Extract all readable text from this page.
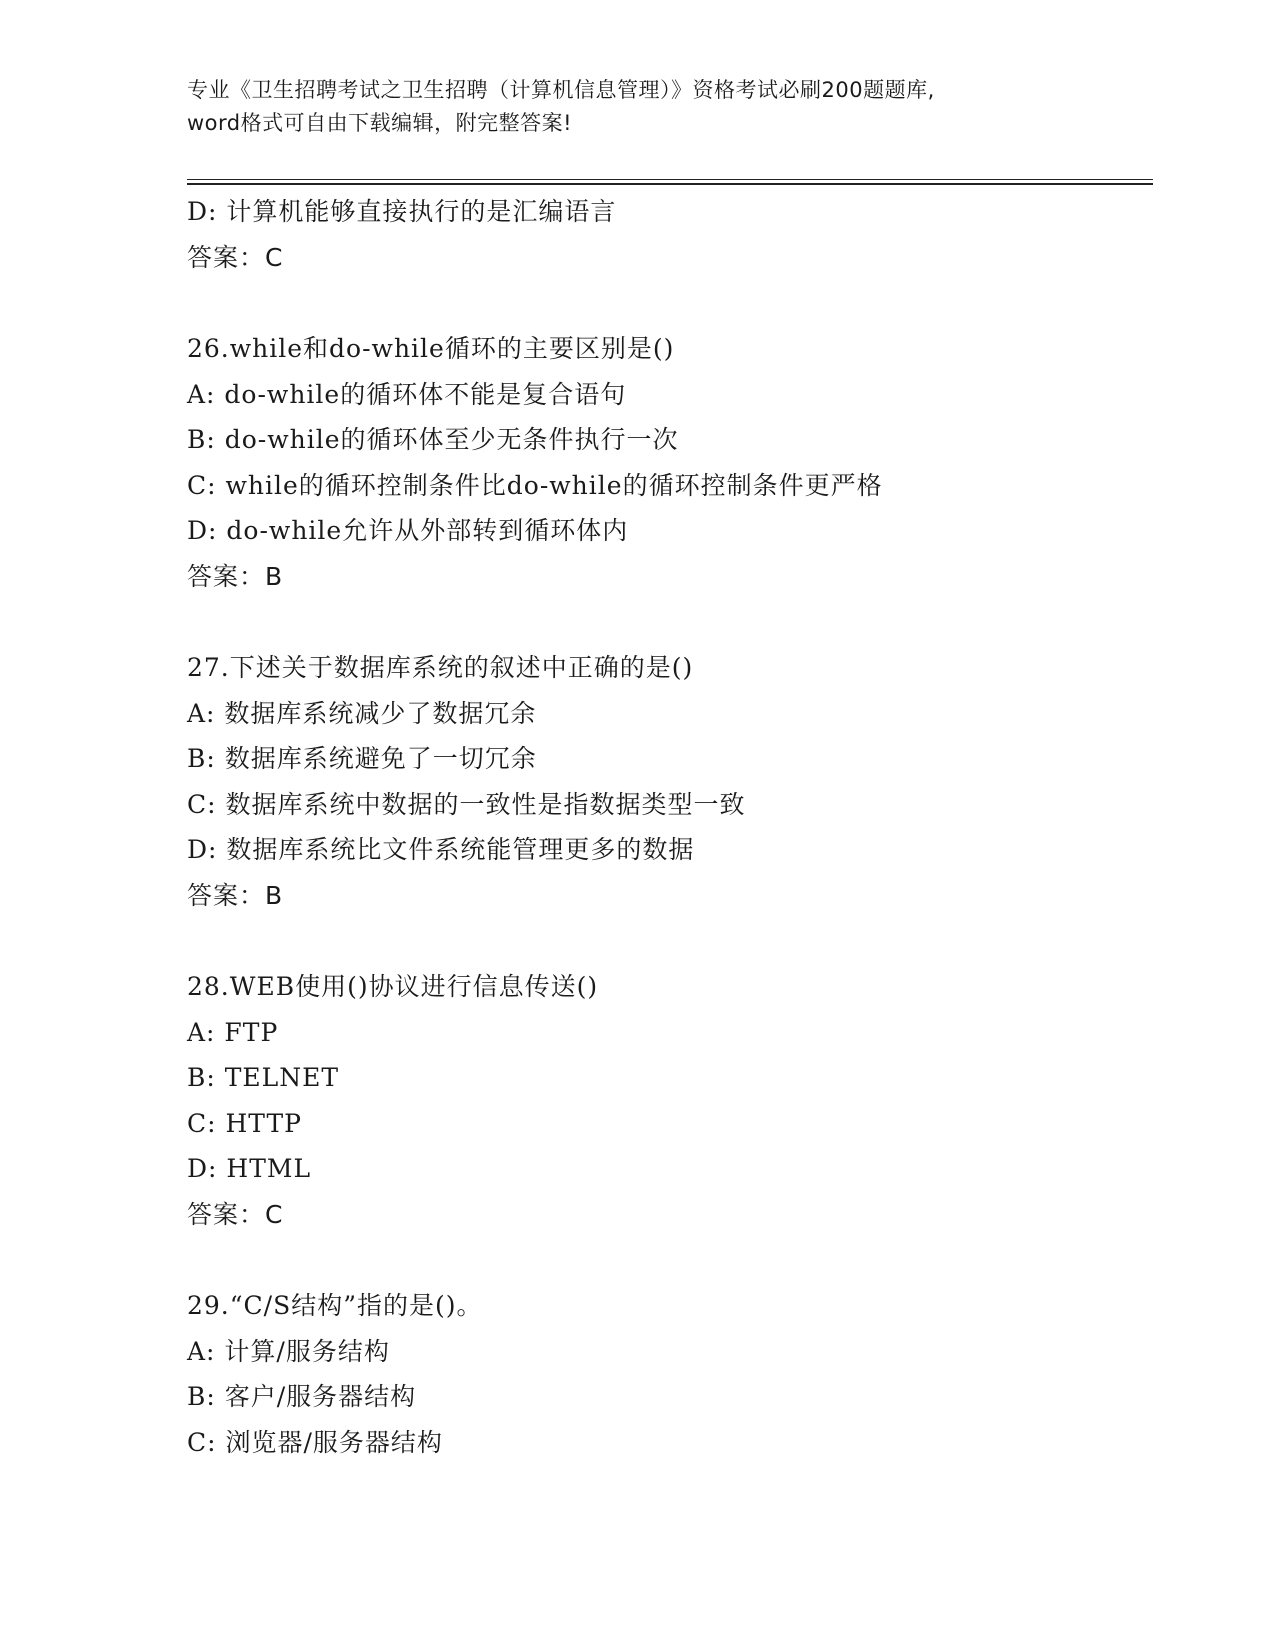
专业《卫生招聘考试之卫生招聘（计算机信息管理）》资格考试必刷200题题库,
word格式可自由下载编辑，附完整答案!
D: 计算机能够直接执行的是汇编语言
答案：C
26.while和do-while循环的主要区别是()
A: do-while的循环体不能是复合语句
B: do-while的循环体至少无条件执行一次
C: while的循环控制条件比do-while的循环控制条件更严格
D: do-while允许从外部转到循环体内
答案：B
27.下述关于数据库系统的叙述中正确的是()
A: 数据库系统减少了数据冗余
B: 数据库系统避免了一切冗余
C: 数据库系统中数据的一致性是指数据类型一致
D: 数据库系统比文件系统能管理更多的数据
答案：B
28.WEB使用()协议进行信息传送()
A: FTP
B: TELNET
C: HTTP
D: HTML
答案：C
29.“C/S结构”指的是()。
A: 计算/服务结构
B: 客户/服务器结构
C: 浏览器/服务器结构
